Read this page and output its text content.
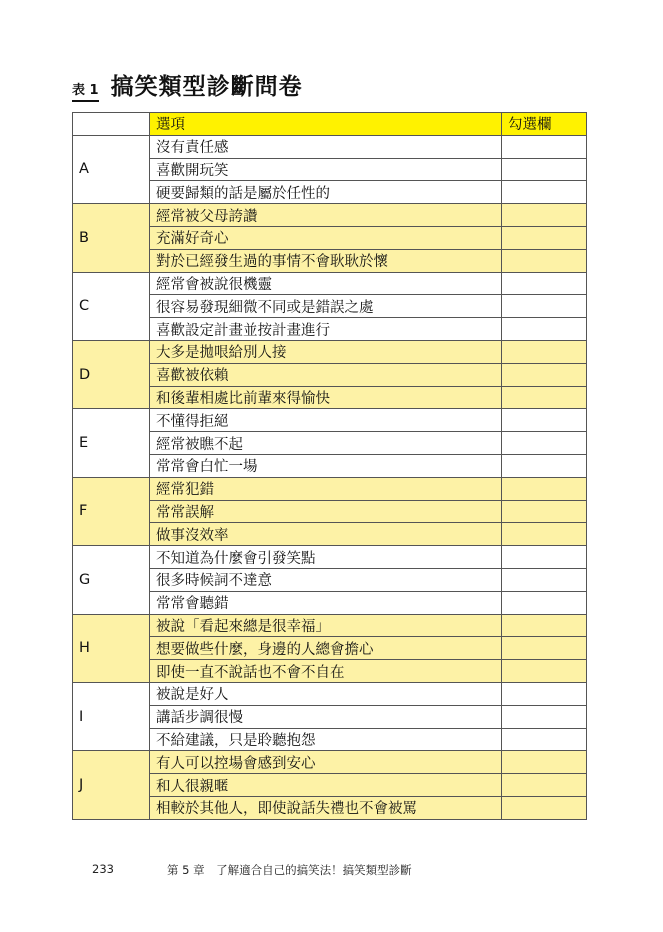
表 1 搞笑類型診斷問卷
	選項	勾選欄
A	沒有責任感	
	喜歡開玩笑	
	硬要歸類的話是屬於任性的	
B	經常被父母誇讚	
	充滿好奇心	
	對於已經發生過的事情不會耿耿於懷	
C	經常會被說很機靈	
	很容易發現細微不同或是錯誤之處	
	喜歡設定計畫並按計畫進行	
D	大多是拋哏給別人接	
	喜歡被依賴	
	和後輩相處比前輩來得愉快	
E	不懂得拒絕	
	經常被瞧不起	
	常常會白忙一場	
F	經常犯錯	
	常常誤解	
	做事沒效率	
G	不知道為什麼會引發笑點	
	很多時候詞不達意	
	常常會聽錯	
H	被說「看起來總是很幸福」	
	想要做些什麼，身邊的人總會擔心	
	即使一直不說話也不會不自在	
I	被說是好人	
	講話步調很慢	
	不給建議，只是聆聽抱怨	
J	有人可以控場會感到安心	
	和人很親暱	
	相較於其他人，即使說話失禮也不會被罵	
233	第 5 章　了解適合自己的搞笑法！搞笑類型診斷
